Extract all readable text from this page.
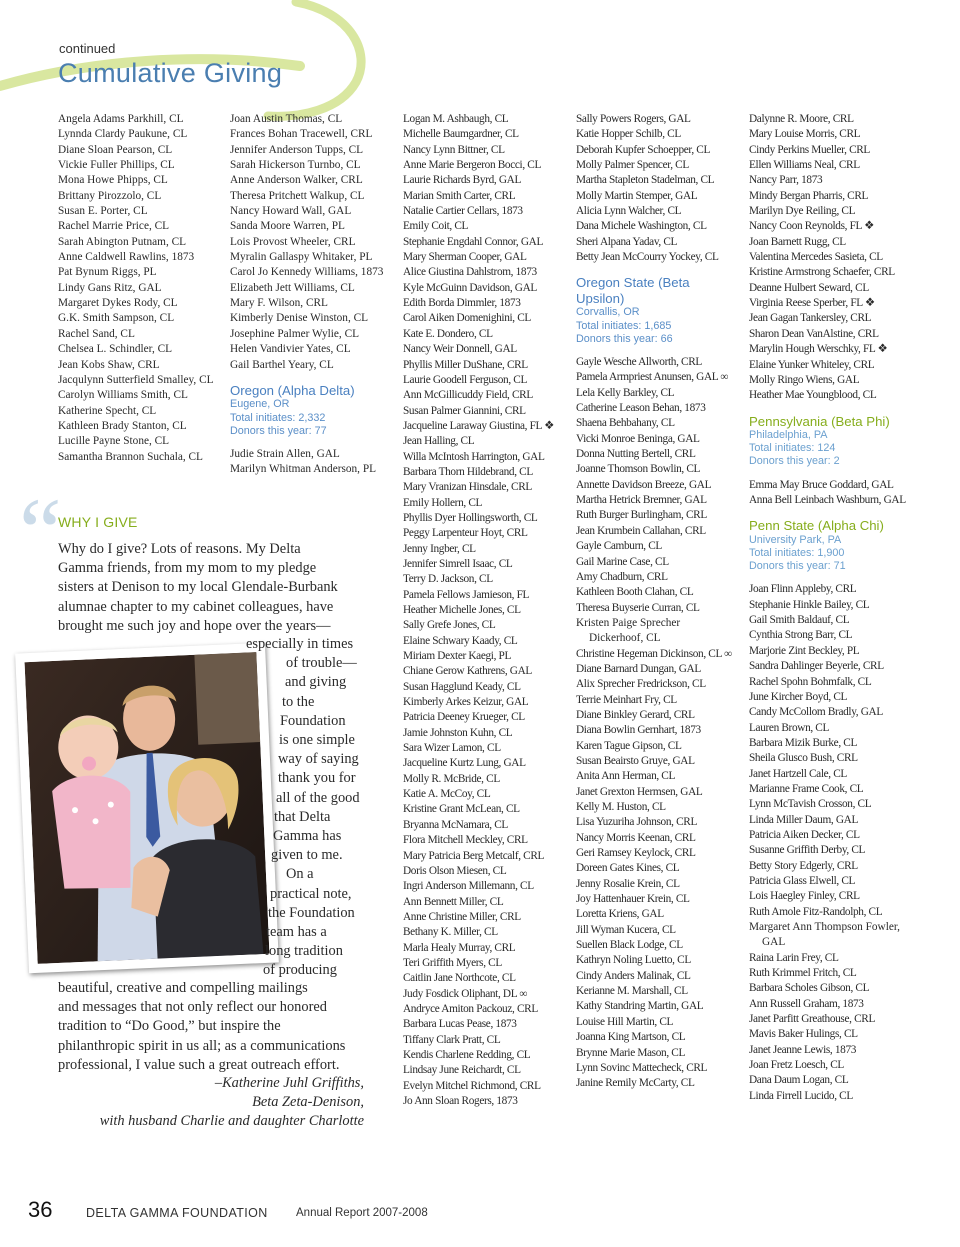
continued
Cumulative Giving
Angela Adams Parkhill, CL
Lynnda Clardy Paukune, CL
Diane Sloan Pearson, CL
Vickie Fuller Phillips, CL
Mona Howe Phipps, CL
Brittany Pirozzolo, CL
Susan E. Porter, CL
Rachel Marrie Price, CL
Sarah Abington Putnam, CL
Anne Caldwell Rawlins, 1873
Pat Bynum Riggs, PL
Lindy Gans Ritz, GAL
Margaret Dykes Rody, CL
G.K. Smith Sampson, CL
Rachel Sand, CL
Chelsea L. Schindler, CL
Jean Kobs Shaw, CRL
Jacqulynn Sutterfield Smalley, CL
Carolyn Williams Smith, CL
Katherine Specht, CL
Kathleen Brady Stanton, CL
Lucille Payne Stone, CL
Samantha Brannon Suchala, CL
Joan Austin Thomas, CL
Frances Bohan Tracewell, CRL
Jennifer Anderson Tupps, CL
Sarah Hickerson Turnbo, CL
Anne Anderson Walker, CRL
Theresa Pritchett Walkup, CL
Nancy Howard Wall, GAL
Sanda Moore Warren, PL
Lois Provost Wheeler, CRL
Myralin Gallaspy Whitaker, PL
Carol Jo Kennedy Williams, 1873
Elizabeth Jett Williams, CL
Mary F. Wilson, CRL
Kimberly Denise Winston, CL
Josephine Palmer Wylie, CL
Helen Vandivier Yates, CL
Gail Barthel Yeary, CL
Oregon (Alpha Delta)
Eugene, OR
Total initiates: 2,332
Donors this year: 77
Judie Strain Allen, GAL
Marilyn Whitman Anderson, PL
Logan M. Ashbaugh, CL
Michelle Baumgardner, CL
Nancy Lynn Bittner, CL
Anne Marie Bergeron Bocci, CL
Laurie Richards Byrd, GAL
Marian Smith Carter, CRL
Natalie Cartier Cellars, 1873
Emily Coit, CL
Stephanie Engdahl Connor, GAL
Mary Sherman Cooper, GAL
Alice Giustina Dahlstrom, 1873
Kyle McGuinn Davidson, GAL
Edith Borda Dimmler, 1873
Carol Aiken Domenighini, CL
Kate E. Dondero, CL
Nancy Weir Donnell, GAL
Phyllis Miller DuShane, CRL
Laurie Goodell Ferguson, CL
Ann McGillicuddy Field, CRL
Susan Palmer Giannini, CRL
Jacqueline Laraway Giustina, FL ❖
Jean Halling, CL
Willa McIntosh Harrington, GAL
Barbara Thorn Hildebrand, CL
Mary Vranizan Hinsdale, CRL
Emily Hollern, CL
Phyllis Dyer Hollingsworth, CL
Peggy Larpenteur Hoyt, CRL
Jenny Ingber, CL
Jennifer Simrell Isaac, CL
Terry D. Jackson, CL
Pamela Fellows Jamieson, FL
Heather Michelle Jones, CL
Sally Grefe Jones, CL
Elaine Schwary Kaady, CL
Miriam Dexter Kaegi, PL
Chiane Gerow Kathrens, GAL
Susan Hagglund Keady, CL
Kimberly Arkes Keizur, GAL
Patricia Deeney Krueger, CL
Jamie Johnston Kuhn, CL
Sara Wizer Lamon, CL
Jacqueline Kurtz Lung, GAL
Molly R. McBride, CL
Katie A. McCoy, CL
Kristine Grant McLean, CL
Bryanna McNamara, CL
Flora Mitchell Meckley, CRL
Mary Patricia Berg Metcalf, CRL
Doris Olson Miesen, CL
Ingri Anderson Millemann, CL
Ann Bennett Miller, CL
Anne Christine Miller, CRL
Bethany K. Miller, CL
Marla Healy Murray, CRL
Teri Griffith Myers, CL
Caitlin Jane Northcote, CL
Judy Fosdick Oliphant, DL ∞
Andryce Amiton Packouz, CRL
Barbara Lucas Pease, 1873
Tiffany Clark Pratt, CL
Kendis Charlene Redding, CL
Lindsay June Reichardt, CL
Evelyn Mitchel Richmond, CRL
Jo Ann Sloan Rogers, 1873
Sally Powers Rogers, GAL
Katie Hopper Schilb, CL
Deborah Kupfer Schoepper, CL
Molly Palmer Spencer, CL
Martha Stapleton Stadelman, CL
Molly Martin Stemper, GAL
Alicia Lynn Walcher, CL
Dana Michele Washington, CL
Sheri Alpana Yadav, CL
Betty Jean McCourry Yockey, CL
Oregon State (Beta Upsilon)
Corvallis, OR
Total initiates: 1,685
Donors this year: 66
Gayle Wesche Allworth, CRL
Pamela Armpriest Anunsen, GAL ∞
Lela Kelly Barkley, CL
Catherine Leason Behan, 1873
Shaena Behbahany, CL
Vicki Monroe Beninga, GAL
Donna Nutting Bertell, CRL
Joanne Thomson Bowlin, CL
Annette Davidson Breeze, GAL
Martha Hetrick Bremner, GAL
Ruth Burger Burlingham, CRL
Jean Krumbein Callahan, CRL
Gayle Camburn, CL
Gail Marine Case, CL
Amy Chadburn, CRL
Kathleen Booth Clahan, CL
Theresa Buyserie Curran, CL
Kristen Paige Sprecher Dickerhoof, CL
Christine Hegeman Dickinson, CL ∞
Diane Barnard Dungan, GAL
Alix Sprecher Fredrickson, CL
Terrie Meinhart Fry, CL
Diane Binkley Gerard, CRL
Diana Bowlin Gernhart, 1873
Karen Tague Gipson, CL
Susan Beairsto Gruye, GAL
Anita Ann Herman, CL
Janet Grexton Hermsen, GAL
Kelly M. Huston, CL
Lisa Yuzuriha Johnson, CRL
Nancy Morris Keenan, CRL
Geri Ramsey Keylock, CRL
Doreen Gates Kines, CL
Jenny Rosalie Krein, CL
Joy Hattenhauer Krein, CL
Loretta Kriens, GAL
Jill Wyman Kucera, CL
Suellen Black Lodge, CL
Kathryn Noling Luetto, CL
Cindy Anders Malinak, CL
Kerianne M. Marshall, CL
Kathy Standring Martin, GAL
Louise Hill Martin, CL
Joanna King Martson, CL
Brynne Marie Mason, CL
Lynn Sovinc Mattecheck, CRL
Janine Remily McCarty, CL
Dalynne R. Moore, CRL
Mary Louise Morris, CRL
Cindy Perkins Mueller, CRL
Ellen Williams Neal, CRL
Nancy Parr, 1873
Mindy Bergan Pharris, CRL
Marilyn Dye Reiling, CL
Nancy Coon Reynolds, FL ❖
Joan Barnett Rugg, CL
Valentina Mercedes Sasieta, CL
Kristine Armstrong Schaefer, CRL
Deanne Hulbert Seward, CL
Virginia Reese Sperber, FL ❖
Jean Gagan Tankersley, CRL
Sharon Dean VanAlstine, CRL
Marylin Hough Werschky, FL ❖
Elaine Yunker Whiteley, CRL
Molly Ringo Wiens, GAL
Heather Mae Youngblood, CL
Pennsylvania (Beta Phi)
Philadelphia, PA
Total initiates: 124
Donors this year: 2
Emma May Bruce Goddard, GAL
Anna Bell Leinbach Washburn, GAL
Penn State (Alpha Chi)
University Park, PA
Total initiates: 1,900
Donors this year: 71
Joan Flinn Appleby, CRL
Stephanie Hinkle Bailey, CL
Gail Smith Baldauf, CL
Cynthia Strong Barr, CL
Marjorie Zint Beckley, PL
Sandra Dahlinger Beyerle, CRL
Rachel Spohn Bohmfalk, CL
June Kircher Boyd, CL
Candy McCollom Bradly, GAL
Lauren Brown, CL
Barbara Mizik Burke, CL
Sheila Glusco Bush, CRL
Janet Hartzell Cale, CL
Marianne Frame Cook, CL
Lynn McTavish Crosson, CL
Linda Miller Daum, GAL
Patricia Aiken Decker, CL
Susanne Griffith Derby, CL
Betty Story Edgerly, CRL
Patricia Glass Elwell, CL
Lois Haegley Finley, CRL
Ruth Amole Fitz-Randolph, CL
Margaret Ann Thompson Fowler, GAL
Raina Larin Frey, CL
Ruth Krimmel Fritch, CL
Barbara Scholes Gibson, CL
Ann Russell Graham, 1873
Janet Parfitt Greathouse, CRL
Mavis Baker Hulings, CL
Janet Jeanne Lewis, 1873
Joan Fretz Loesch, CL
Dana Daum Logan, CL
Linda Firrell Lucido, CL
“
WHY I GIVE
Why do I give? Lots of reasons. My Delta
Gamma friends, from my mom to my pledge
sisters at Denison to my local Glendale-Burbank
alumnae chapter to my cabinet colleagues, have
brought me such joy and hope over the years—
especially in times
of trouble—
and giving
to the
Foundation
is one simple
way of saying
thank you for
all of the good
that Delta
Gamma has
given to me.
On a
practical note,
the Foundation
team has a
long tradition
of producing
beautiful, creative and compelling mailings
and messages that not only reflect our honored
tradition to “Do Good,” but inspire the
philanthropic spirit in us all; as a communications
professional, I value such a great outreach effort.
–Katherine Juhl Griffiths,
Beta Zeta-Denison,
with husband Charlie and daughter Charlotte
36	DELTA GAMMA FOUNDATION Annual Report 2007-2008
